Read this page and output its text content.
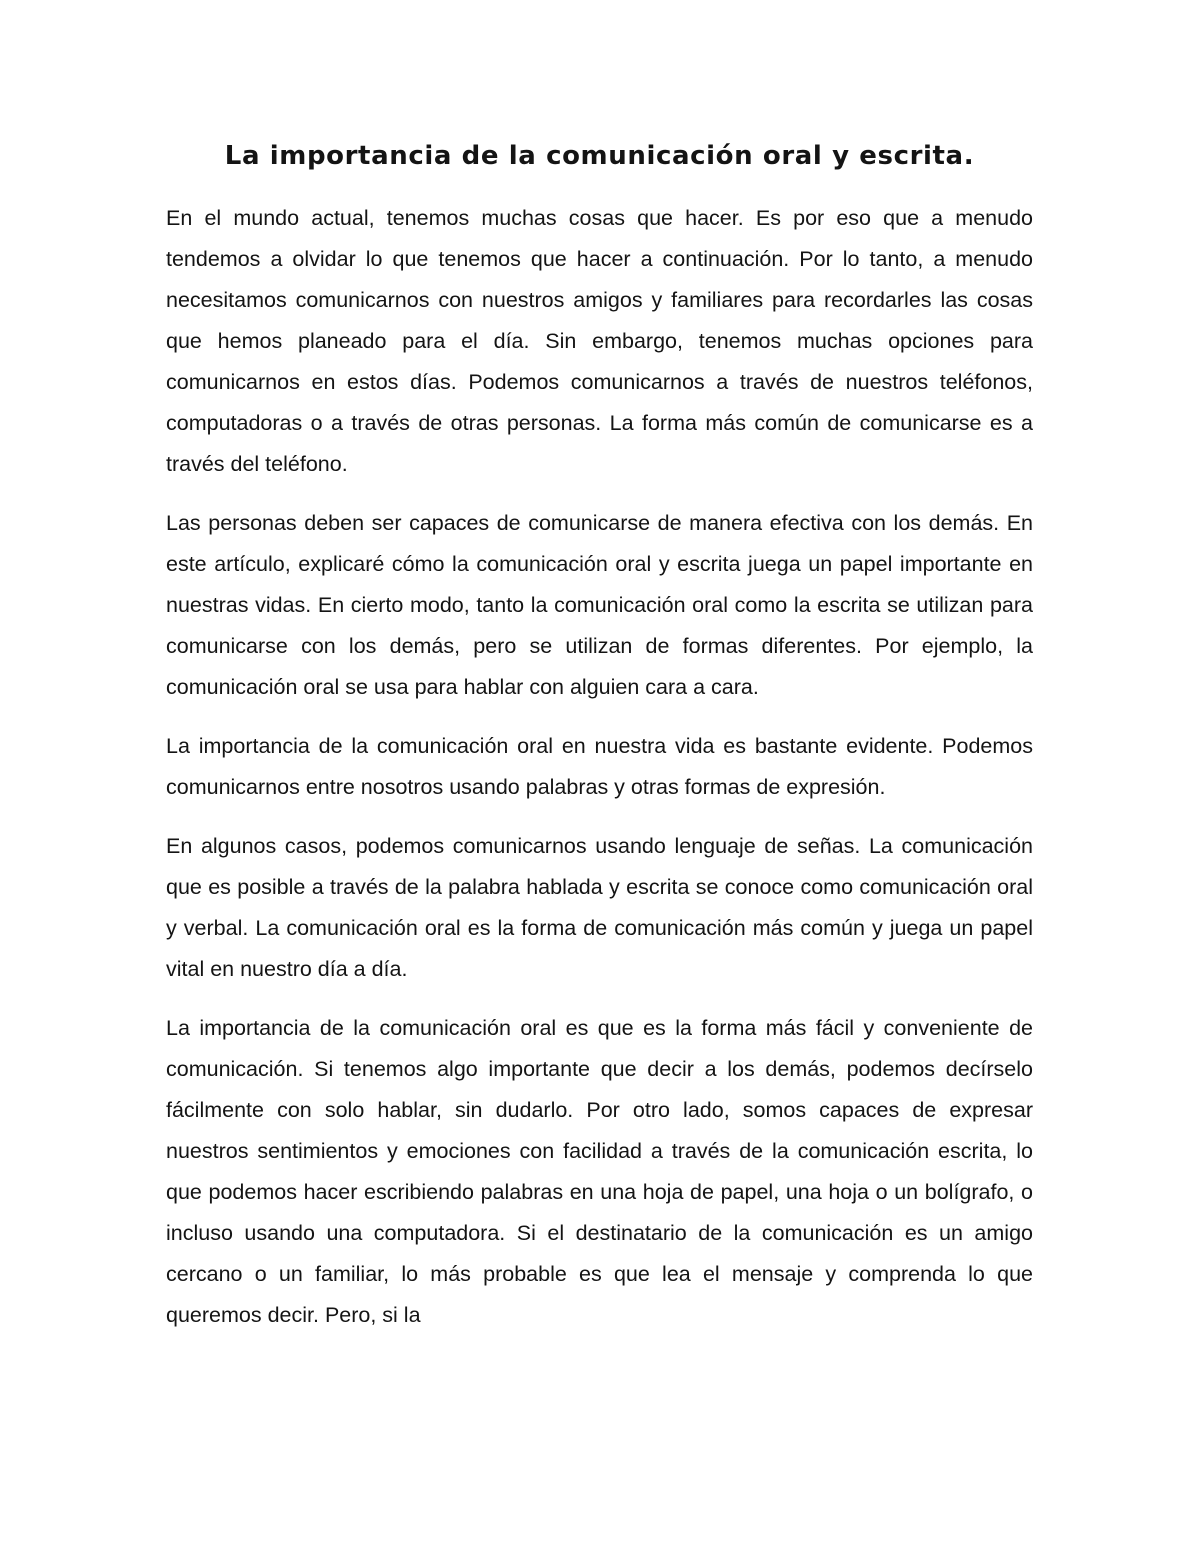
La importancia de la comunicación oral y escrita.

En el mundo actual, tenemos muchas cosas que hacer. Es por eso que a menudo tendemos a olvidar lo que tenemos que hacer a continuación. Por lo tanto, a menudo necesitamos comunicarnos con nuestros amigos y familiares para recordarles las cosas que hemos planeado para el día. Sin embargo, tenemos muchas opciones para comunicarnos en estos días. Podemos comunicarnos a través de nuestros teléfonos, computadoras o a través de otras personas. La forma más común de comunicarse es a través del teléfono.

Las personas deben ser capaces de comunicarse de manera efectiva con los demás. En este artículo, explicaré cómo la comunicación oral y escrita juega un papel importante en nuestras vidas. En cierto modo, tanto la comunicación oral como la escrita se utilizan para comunicarse con los demás, pero se utilizan de formas diferentes. Por ejemplo, la comunicación oral se usa para hablar con alguien cara a cara.

La importancia de la comunicación oral en nuestra vida es bastante evidente. Podemos comunicarnos entre nosotros usando palabras y otras formas de expresión.

En algunos casos, podemos comunicarnos usando lenguaje de señas. La comunicación que es posible a través de la palabra hablada y escrita se conoce como comunicación oral y verbal. La comunicación oral es la forma de comunicación más común y juega un papel vital en nuestro día a día.

La importancia de la comunicación oral es que es la forma más fácil y conveniente de comunicación. Si tenemos algo importante que decir a los demás, podemos decírselo fácilmente con solo hablar, sin dudarlo. Por otro lado, somos capaces de expresar nuestros sentimientos y emociones con facilidad a través de la comunicación escrita, lo que podemos hacer escribiendo palabras en una hoja de papel, una hoja o un bolígrafo, o incluso usando una computadora. Si el destinatario de la comunicación es un amigo cercano o un familiar, lo más probable es que lea el mensaje y comprenda lo que queremos decir. Pero, si la
